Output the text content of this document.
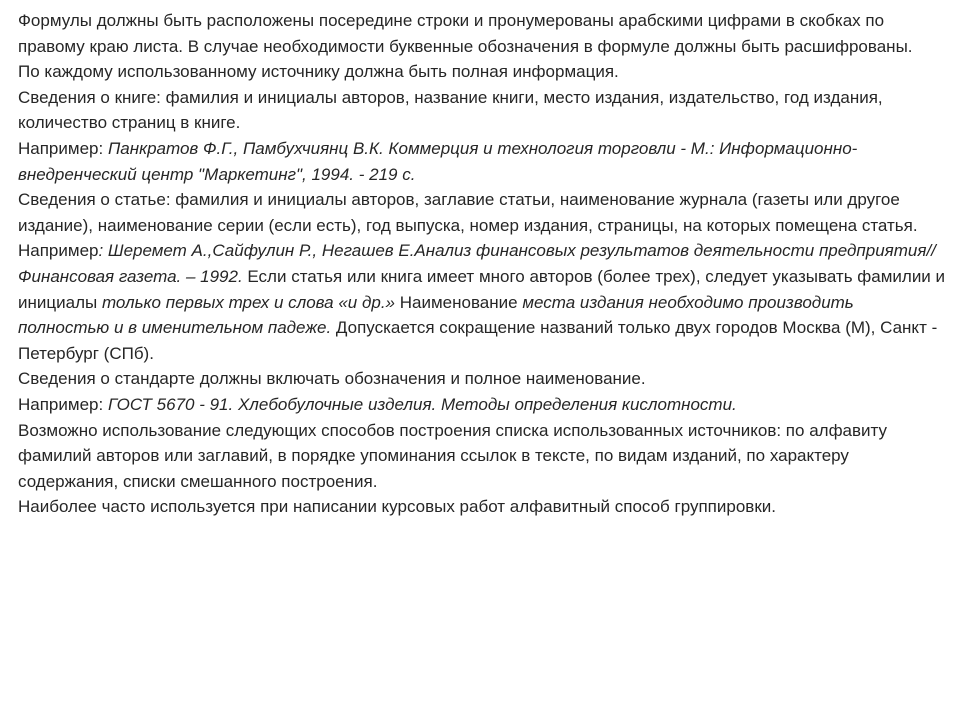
Формулы должны быть расположены посередине строки и пронумерованы арабскими цифрами в скобках по правому краю листа. В случае необходимости буквенные обозначения в формуле должны быть расшифрованы.

По каждому использованному источнику должна быть полная информация.

Сведения о книге: фамилия и инициалы авторов, название книги, место издания, издательство, год издания, количество страниц в книге.

Например: Панкратов Ф.Г., Памбухчиянц В.К. Коммерция и технология торговли - М.: Информационно-внедренческий центр "Маркетинг", 1994. - 219 с.

Сведения о статье: фамилия и инициалы авторов, заглавие статьи, наименование журнала (газеты или другое издание), наименование серии (если есть), год выпуска, номер издания, страницы, на которых помещена статья.

Например: Шеремет А.,Сайфулин Р., Негашев Е.Анализ финансовых результатов деятельности предприятия// Финансовая газета. – 1992. Если статья или книга имеет много авторов (более трех), следует указывать фамилии и инициалы только первых трех и слова «и др.» Наименование места издания необходимо производить полностью и в именительном падеже. Допускается сокращение названий только двух городов Москва (М), Санкт - Петербург (СПб).

Сведения о стандарте должны включать обозначения и полное наименование.

Например: ГОСТ 5670 - 91. Хлебобулочные изделия. Методы определения кислотности.

Возможно использование следующих способов построения списка использованных источников: по алфавиту фамилий авторов или заглавий, в порядке упоминания ссылок в тексте, по видам изданий, по характеру содержания, списки смешанного построения.

Наиболее часто используется при написании курсовых работ алфавитный способ группировки.
